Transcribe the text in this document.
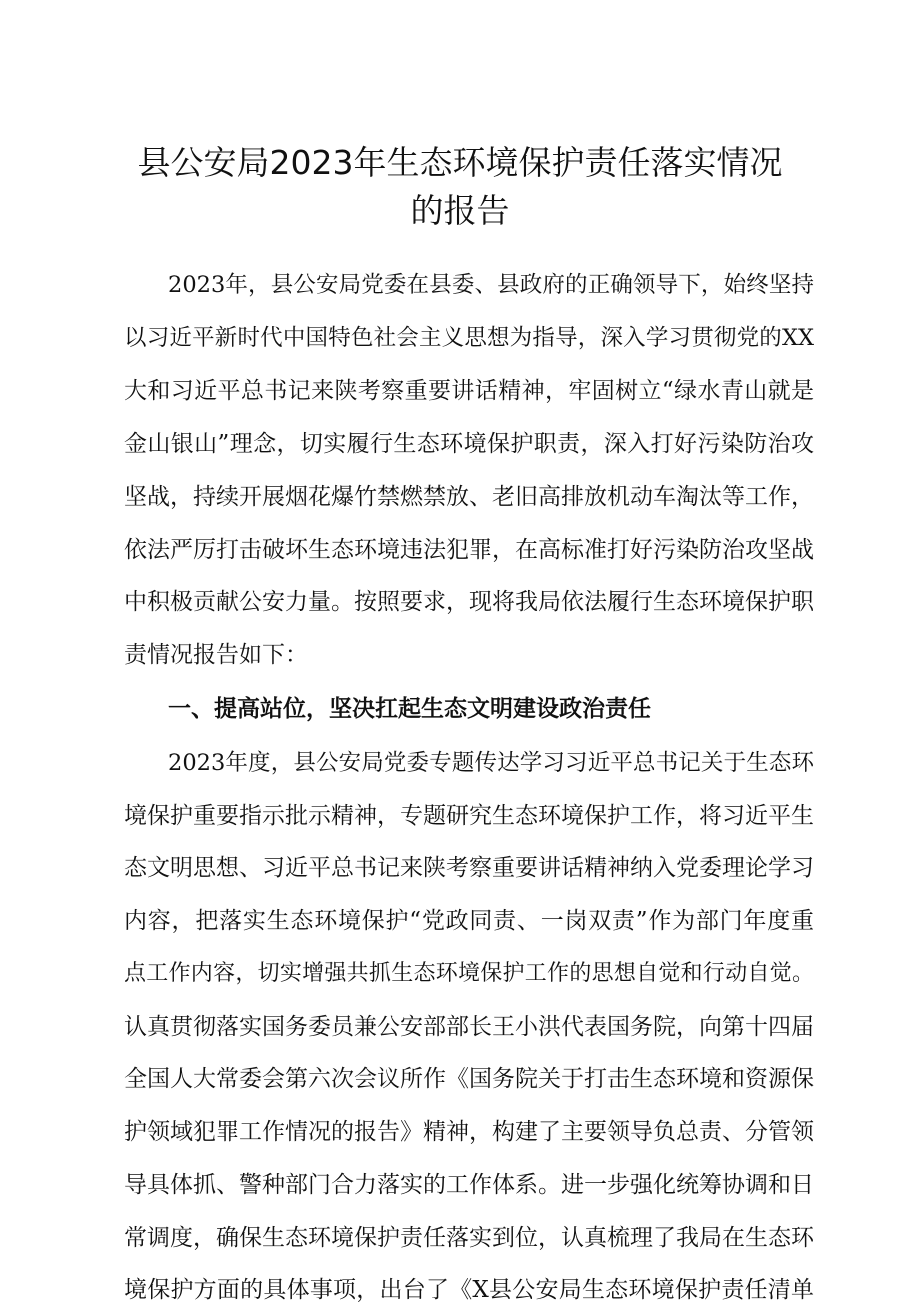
县公安局2023年生态环境保护责任落实情况
的报告
2023年，县公安局党委在县委、县政府的正确领导下，始终坚持
以习近平新时代中国特色社会主义思想为指导，深入学习贯彻党的XX
大和习近平总书记来陕考察重要讲话精神，牢固树立“绿水青山就是
金山银山”理念，切实履行生态环境保护职责，深入打好污染防治攻
坚战，持续开展烟花爆竹禁燃禁放、老旧高排放机动车淘汰等工作，
依法严厉打击破坏生态环境违法犯罪，在高标准打好污染防治攻坚战
中积极贡献公安力量。按照要求，现将我局依法履行生态环境保护职
责情况报告如下：
一、提高站位，坚决扛起生态文明建设政治责任
2023年度，县公安局党委专题传达学习习近平总书记关于生态环
境保护重要指示批示精神，专题研究生态环境保护工作，将习近平生
态文明思想、习近平总书记来陕考察重要讲话精神纳入党委理论学习
内容，把落实生态环境保护“党政同责、一岗双责”作为部门年度重
点工作内容，切实增强共抓生态环境保护工作的思想自觉和行动自觉。
认真贯彻落实国务委员兼公安部部长王小洪代表国务院，向第十四届
全国人大常委会第六次会议所作《国务院关于打击生态环境和资源保
护领域犯罪工作情况的报告》精神，构建了主要领导负总责、分管领
导具体抓、警种部门合力落实的工作体系。进一步强化统筹协调和日
常调度，确保生态环境保护责任落实到位，认真梳理了我局在生态环
境保护方面的具体事项，出台了《X县公安局生态环境保护责任清单
